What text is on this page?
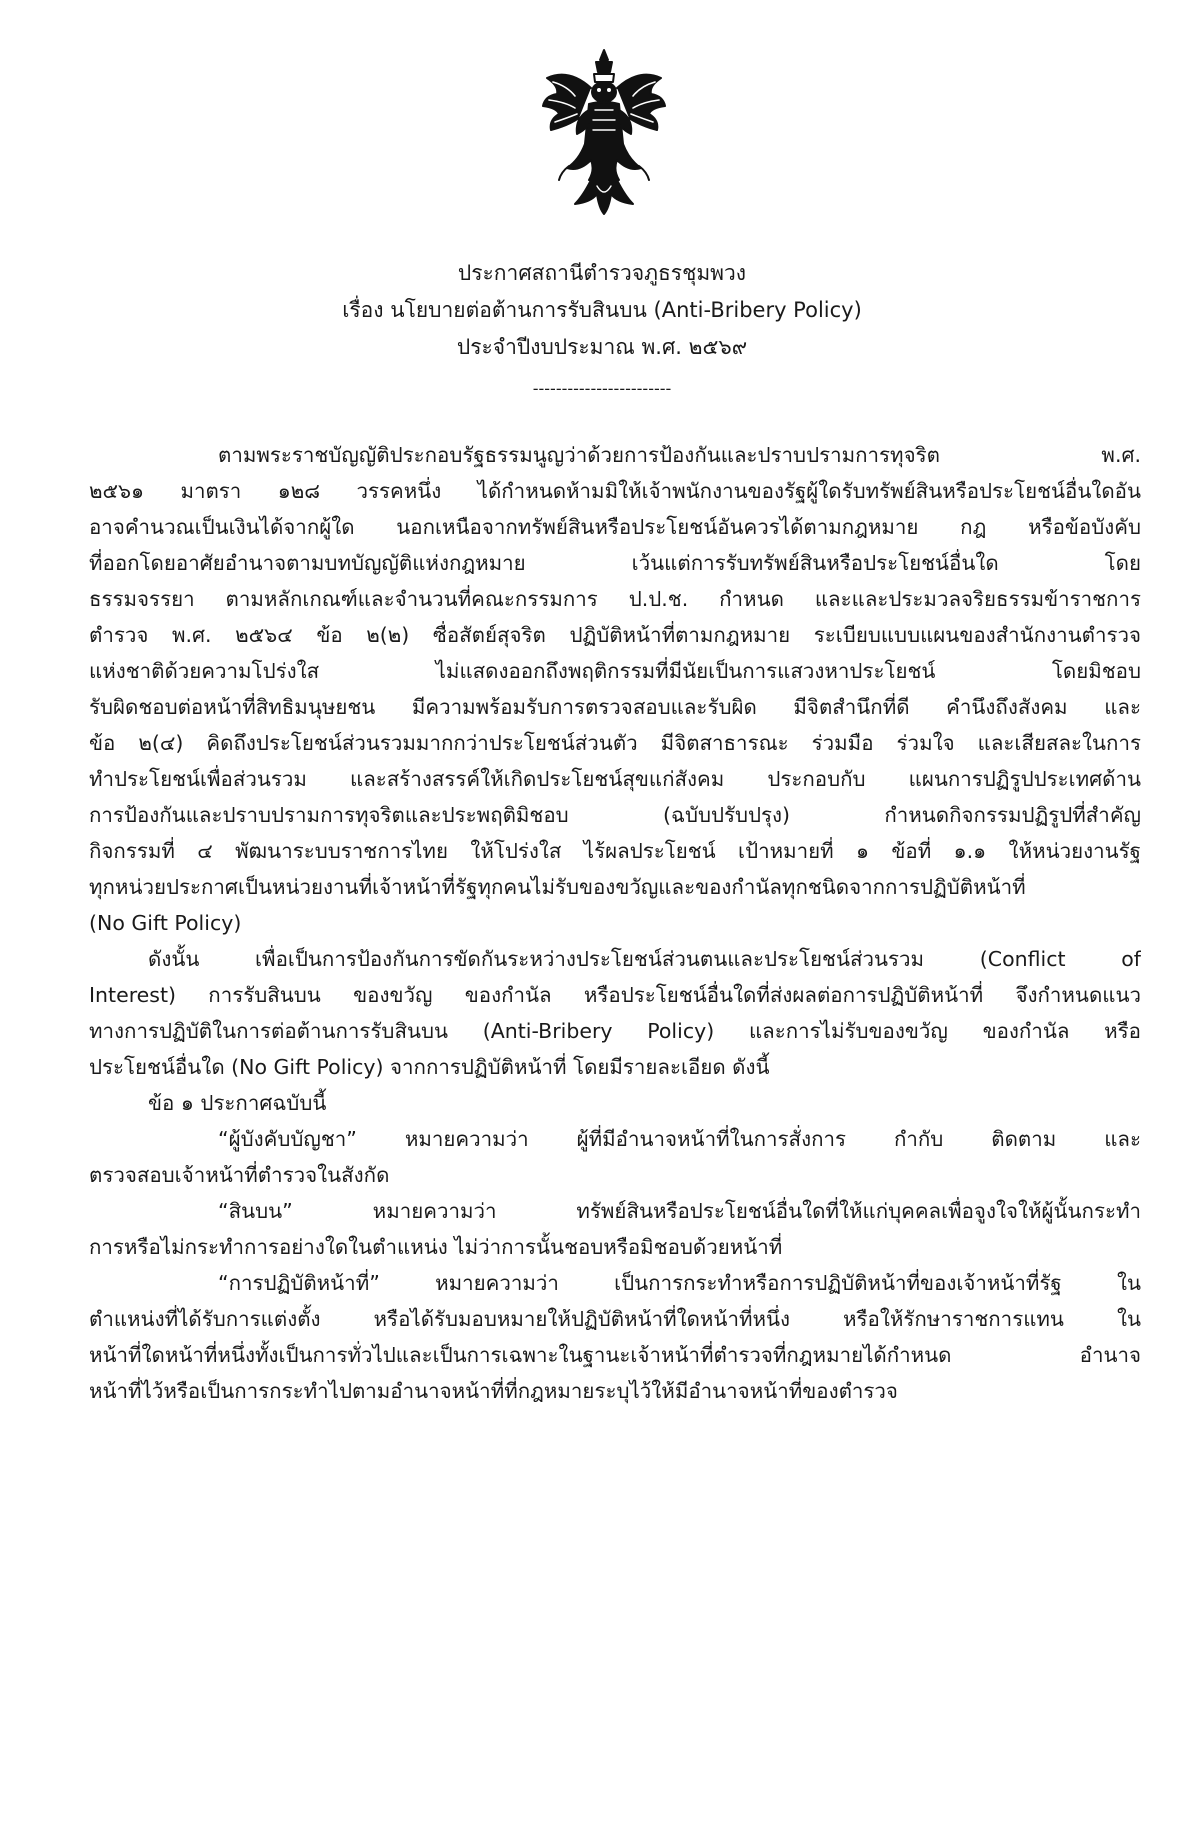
ประกาศสถานีตำรวจภูธรชุมพวง
เรื่อง นโยบายต่อต้านการรับสินบน (Anti-Bribery Policy)
ประจำปีงบประมาณ พ.ศ. ๒๕๖๙
------------------------
ตามพระราชบัญญัติประกอบรัฐธรรมนูญว่าด้วยการป้องกันและปราบปรามการทุจริต พ.ศ.
๒๕๖๑ มาตรา ๑๒๘ วรรคหนึ่ง ได้กำหนดห้ามมิให้เจ้าพนักงานของรัฐผู้ใดรับทรัพย์สินหรือประโยชน์อื่นใดอัน
อาจคำนวณเป็นเงินได้จากผู้ใด นอกเหนือจากทรัพย์สินหรือประโยชน์อันควรได้ตามกฎหมาย กฎ หรือข้อบังคับ
ที่ออกโดยอาศัยอำนาจตามบทบัญญัติแห่งกฎหมาย เว้นแต่การรับทรัพย์สินหรือประโยชน์อื่นใด โดย
ธรรมจรรยา ตามหลักเกณฑ์และจำนวนที่คณะกรรมการ ป.ป.ช. กำหนด และและประมวลจริยธรรมข้าราชการ
ตำรวจ พ.ศ. ๒๕๖๔ ข้อ ๒(๒) ซื่อสัตย์สุจริต ปฏิบัติหน้าที่ตามกฎหมาย ระเบียบแบบแผนของสำนักงานตำรวจ
แห่งชาติด้วยความโปร่งใส ไม่แสดงออกถึงพฤติกรรมที่มีนัยเป็นการแสวงหาประโยชน์ โดยมิชอบ
รับผิดชอบต่อหน้าที่สิทธิมนุษยชน มีความพร้อมรับการตรวจสอบและรับผิด มีจิตสำนึกที่ดี คำนึงถึงสังคม และ
ข้อ ๒(๔) คิดถึงประโยชน์ส่วนรวมมากกว่าประโยชน์ส่วนตัว มีจิตสาธารณะ ร่วมมือ ร่วมใจ และเสียสละในการ
ทำประโยชน์เพื่อส่วนรวม และสร้างสรรค์ให้เกิดประโยชน์สุขแก่สังคม ประกอบกับ แผนการปฏิรูปประเทศด้าน
การป้องกันและปราบปรามการทุจริตและประพฤติมิชอบ (ฉบับปรับปรุง) กำหนดกิจกรรมปฏิรูปที่สำคัญ
กิจกรรมที่ ๔ พัฒนาระบบราชการไทย ให้โปร่งใส ไร้ผลประโยชน์ เป้าหมายที่ ๑ ข้อที่ ๑.๑ ให้หน่วยงานรัฐ
ทุกหน่วยประกาศเป็นหน่วยงานที่เจ้าหน้าที่รัฐทุกคนไม่รับของขวัญและของกำนัลทุกชนิดจากการปฏิบัติหน้าที่
(No Gift Policy)
ดังนั้น เพื่อเป็นการป้องกันการขัดกันระหว่างประโยชน์ส่วนตนและประโยชน์ส่วนรวม (Conflict of
Interest) การรับสินบน ของขวัญ ของกำนัล หรือประโยชน์อื่นใดที่ส่งผลต่อการปฏิบัติหน้าที่ จึงกำหนดแนว
ทางการปฏิบัติในการต่อต้านการรับสินบน (Anti-Bribery Policy) และการไม่รับของขวัญ ของกำนัล หรือ
ประโยชน์อื่นใด (No Gift Policy) จากการปฏิบัติหน้าที่ โดยมีรายละเอียด ดังนี้
ข้อ ๑ ประกาศฉบับนี้
“ผู้บังคับบัญชา” หมายความว่า ผู้ที่มีอำนาจหน้าที่ในการสั่งการ กำกับ ติดตาม และ
ตรวจสอบเจ้าหน้าที่ตำรวจในสังกัด
“สินบน” หมายความว่า ทรัพย์สินหรือประโยชน์อื่นใดที่ให้แก่บุคคลเพื่อจูงใจให้ผู้นั้นกระทำ
การหรือไม่กระทำการอย่างใดในตำแหน่ง ไม่ว่าการนั้นชอบหรือมิชอบด้วยหน้าที่
“การปฏิบัติหน้าที่” หมายความว่า เป็นการกระทำหรือการปฏิบัติหน้าที่ของเจ้าหน้าที่รัฐ ใน
ตำแหน่งที่ได้รับการแต่งตั้ง หรือได้รับมอบหมายให้ปฏิบัติหน้าที่ใดหน้าที่หนึ่ง หรือให้รักษาราชการแทน ใน
หน้าที่ใดหน้าที่หนึ่งทั้งเป็นการทั่วไปและเป็นการเฉพาะในฐานะเจ้าหน้าที่ตำรวจที่กฎหมายได้กำหนด อำนาจ
หน้าที่ไว้หรือเป็นการกระทำไปตามอำนาจหน้าที่ที่กฎหมายระบุไว้ให้มีอำนาจหน้าที่ของตำรวจ
